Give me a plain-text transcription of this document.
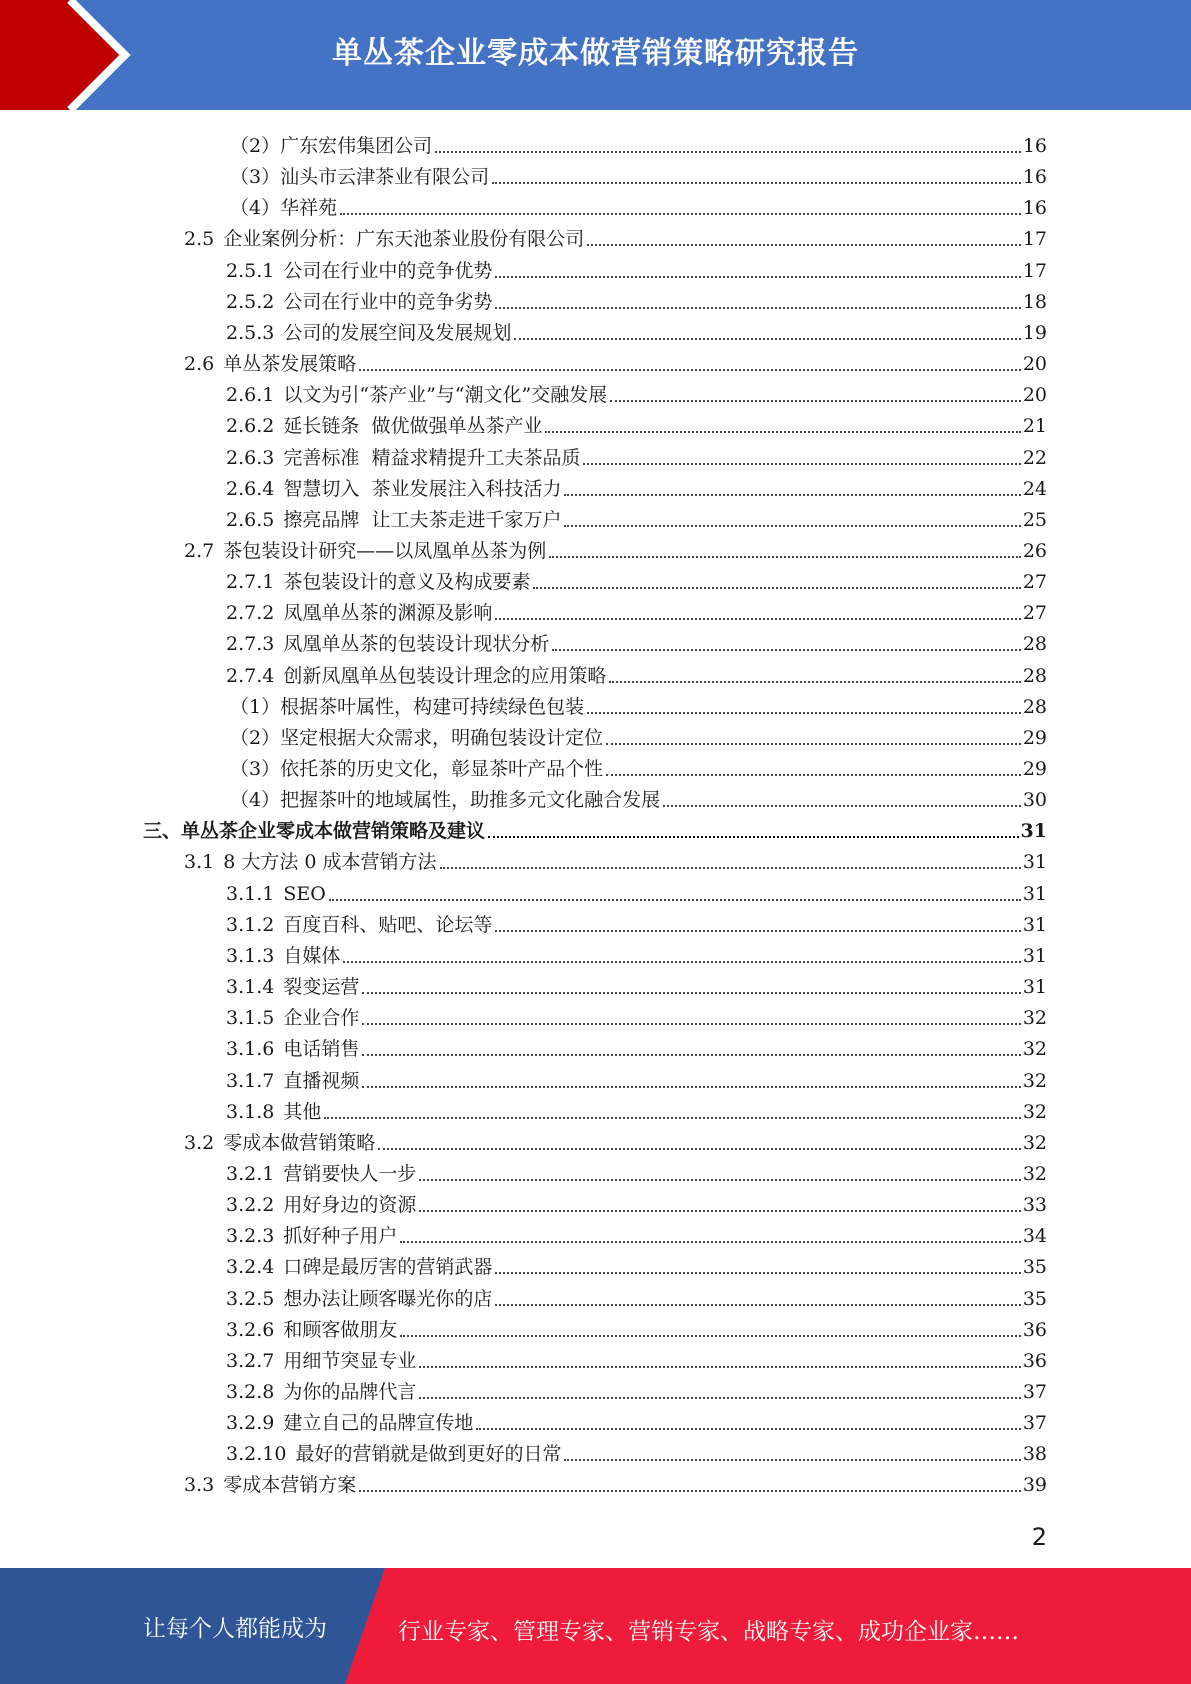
单丛茶企业零成本做营销策略研究报告
（2） 广东宏伟集团公司	16
（3） 汕头市云津茶业有限公司	16
（4） 华祥苑	16
2.5 企业案例分析：广东天池茶业股份有限公司	17
2.5.1 公司在行业中的竞争优势	17
2.5.2 公司在行业中的竞争劣势	18
2.5.3 公司的发展空间及发展规划	19
2.6 单丛茶发展策略	20
2.6.1 以文为引“茶产业”与“潮文化”交融发展	20
2.6.2 延长链条  做优做强单丛茶产业	21
2.6.3 完善标准  精益求精提升工夫茶品质	22
2.6.4 智慧切入  茶业发展注入科技活力	24
2.6.5 擦亮品牌  让工夫茶走进千家万户	25
2.7 茶包装设计研究——以凤凰单丛茶为例	26
2.7.1 茶包装设计的意义及构成要素	27
2.7.2 凤凰单丛茶的渊源及影响	27
2.7.3 凤凰单丛茶的包装设计现状分析	28
2.7.4 创新凤凰单丛包装设计理念的应用策略	28
（1） 根据茶叶属性，构建可持续绿色包装	28
（2） 坚定根据大众需求，明确包装设计定位	29
（3） 依托茶的历史文化，彰显茶叶产品个性	29
（4） 把握茶叶的地域属性，助推多元文化融合发展	30
三、 单丛茶企业零成本做营销策略及建议	31
3.1 8 大方法 0 成本营销方法	31
3.1.1 SEO	31
3.1.2 百度百科、贴吧、论坛等	31
3.1.3 自媒体	31
3.1.4 裂变运营	31
3.1.5 企业合作	32
3.1.6 电话销售	32
3.1.7 直播视频	32
3.1.8 其他	32
3.2 零成本做营销策略	32
3.2.1 营销要快人一步	32
3.2.2 用好身边的资源	33
3.2.3 抓好种子用户	34
3.2.4 口碑是最厉害的营销武器	35
3.2.5 想办法让顾客曝光你的店	35
3.2.6 和顾客做朋友	36
3.2.7 用细节突显专业	36
3.2.8 为你的品牌代言	37
3.2.9 建立自己的品牌宣传地	37
3.2.10 最好的营销就是做到更好的日常	38
3.3 零成本营销方案	39
2
让每个人都能成为	行业专家、管理专家、营销专家、战略专家、成功企业家……
